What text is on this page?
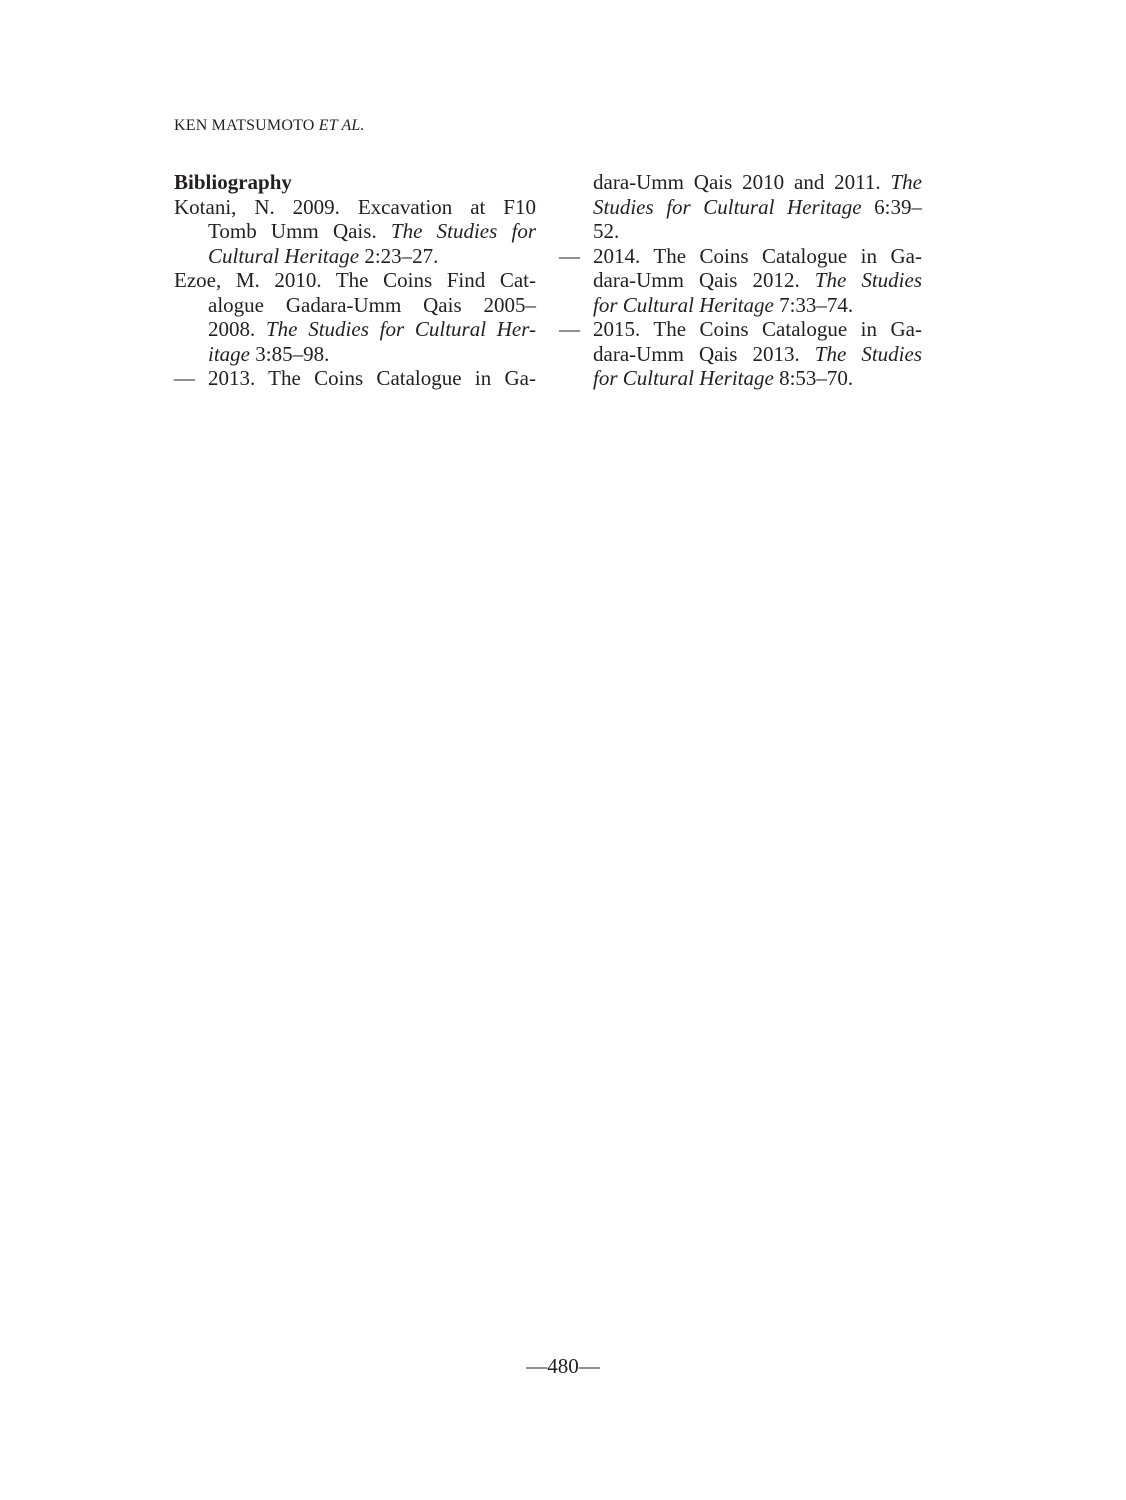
KEN MATSUMOTO ET AL.
Bibliography
Kotani, N. 2009. Excavation at F10
Tomb Umm Qais. The Studies for
Cultural Heritage 2:23–27.
Ezoe, M. 2010. The Coins Find Cat-
alogue Gadara-Umm Qais 2005–
2008. The Studies for Cultural Her-
itage 3:85–98.
— 2013. The Coins Catalogue in Ga-
dara-Umm Qais 2010 and 2011. The
Studies for Cultural Heritage 6:39–
52.
— 2014. The Coins Catalogue in Ga-
dara-Umm Qais 2012. The Studies
for Cultural Heritage 7:33–74.
— 2015. The Coins Catalogue in Ga-
dara-Umm Qais 2013. The Studies
for Cultural Heritage 8:53–70.
—480—
